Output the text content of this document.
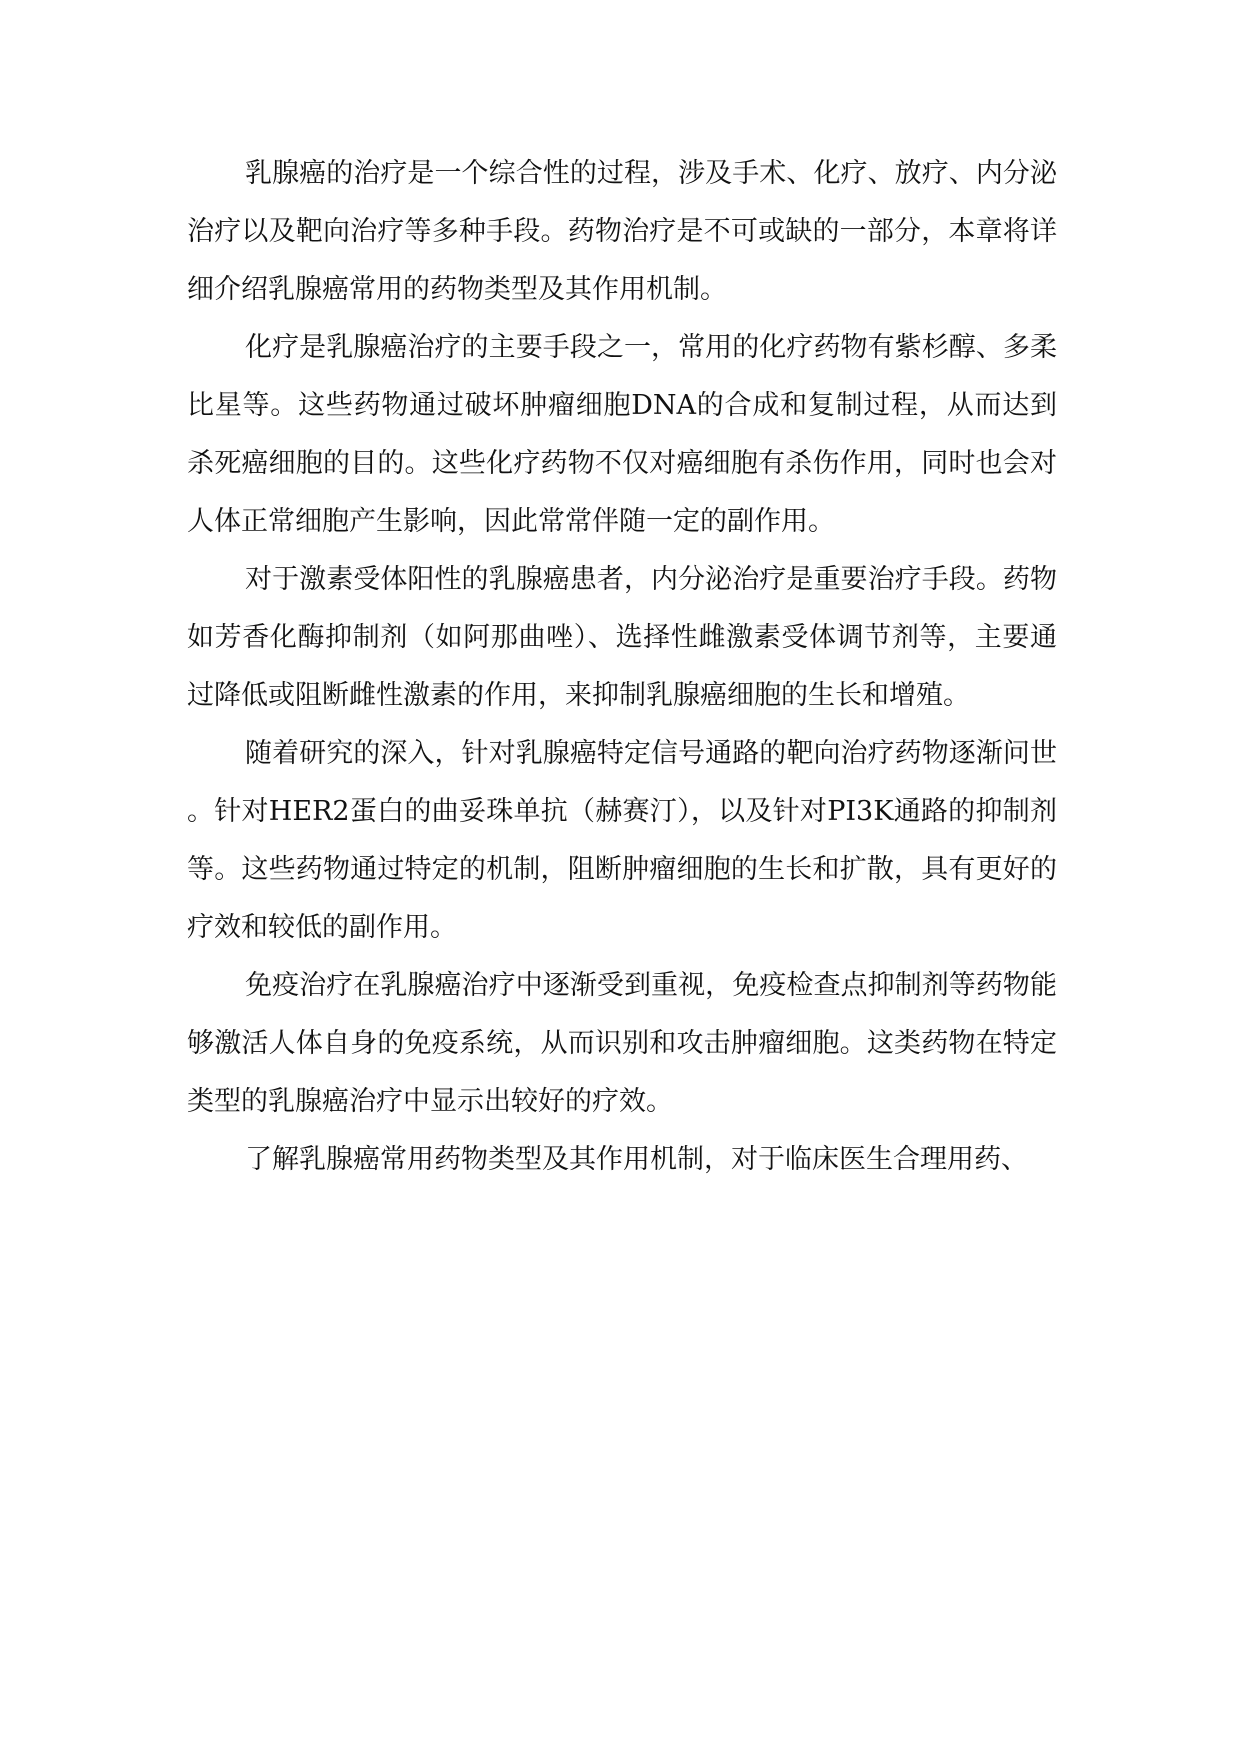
乳腺癌的治疗是一个综合性的过程，涉及手术、化疗、放疗、内分泌治疗以及靶向治疗等多种手段。药物治疗是不可或缺的一部分，本章将详细介绍乳腺癌常用的药物类型及其作用机制。

化疗是乳腺癌治疗的主要手段之一，常用的化疗药物有紫杉醇、多柔比星等。这些药物通过破坏肿瘤细胞DNA的合成和复制过程，从而达到杀死癌细胞的目的。这些化疗药物不仅对癌细胞有杀伤作用，同时也会对人体正常细胞产生影响，因此常常伴随一定的副作用。

对于激素受体阳性的乳腺癌患者，内分泌治疗是重要治疗手段。药物如芳香化酶抑制剂（如阿那曲唑）、选择性雌激素受体调节剂等，主要通过降低或阻断雌性激素的作用，来抑制乳腺癌细胞的生长和增殖。

随着研究的深入，针对乳腺癌特定信号通路的靶向治疗药物逐渐问世。针对HER2蛋白的曲妥珠单抗（赫赛汀），以及针对PI3K通路的抑制剂等。这些药物通过特定的机制，阻断肿瘤细胞的生长和扩散，具有更好的疗效和较低的副作用。

免疫治疗在乳腺癌治疗中逐渐受到重视，免疫检查点抑制剂等药物能够激活人体自身的免疫系统，从而识别和攻击肿瘤细胞。这类药物在特定类型的乳腺癌治疗中显示出较好的疗效。

了解乳腺癌常用药物类型及其作用机制，对于临床医生合理用药、
